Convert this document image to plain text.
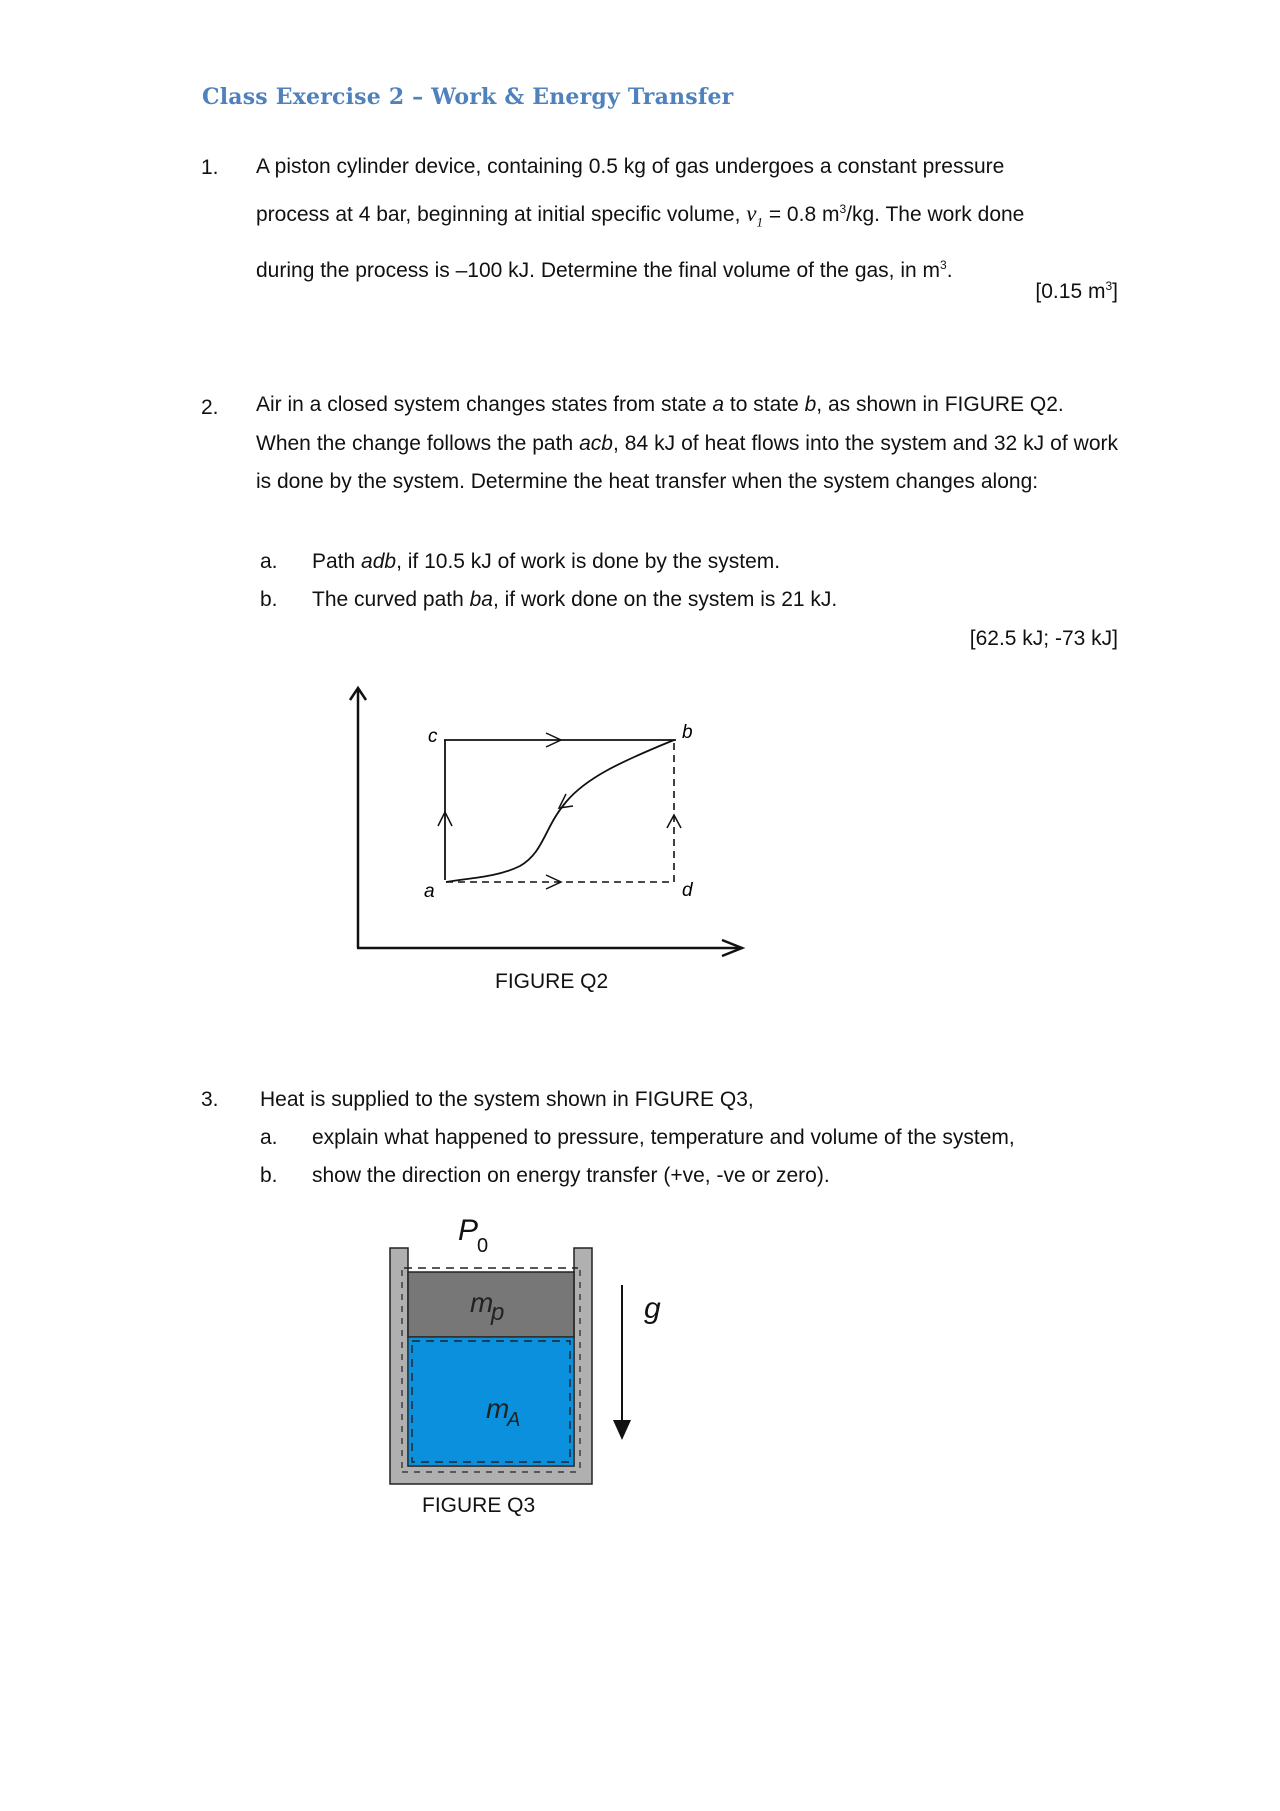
Class Exercise 2 – Work & Energy Transfer
1. A piston cylinder device, containing 0.5 kg of gas undergoes a constant pressure

process at 4 bar, beginning at initial specific volume, $v_1 = 0.8$ $m^3/kg$. The work done

during the process is –100 kJ. Determine the final volume of the gas, in $m^3$.

[0.15 $m^3$]
2. Air in a closed system changes states from state a to state b, as shown in FIGURE Q2.

When the change follows the path acb, 84 kJ of heat flows into the system and 32 kJ of work is done by the system. Determine the heat transfer when the system changes along:

a. Path adb, if 10.5 kJ of work is done by the system.
b. The curved path ba, if work done on the system is 21 kJ.
[62.5 kJ; -73 kJ]
c	b
a	d
FIGURE Q2
3. Heat is supplied to the system shown in FIGURE Q3,
a. explain what happened to pressure, temperature and volume of the system,
b. show the direction on energy transfer (+ve, -ve or zero).
P
0
m
p
m
A
g
FIGURE Q3
